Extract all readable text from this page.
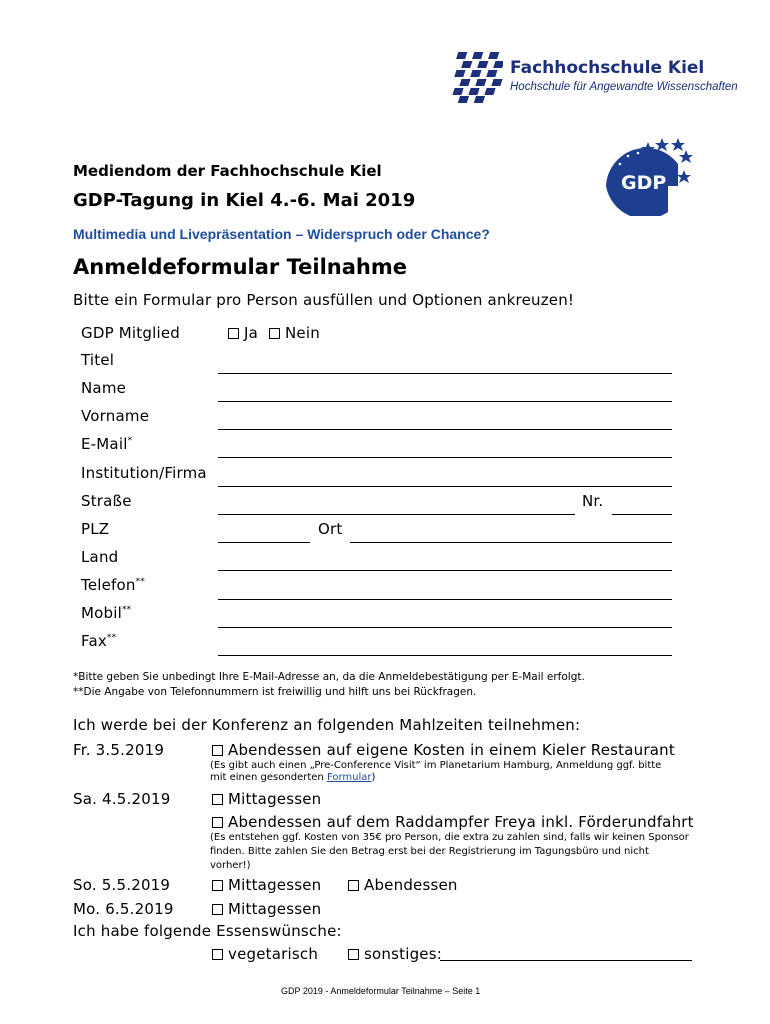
Fachhochschule Kiel
Hochschule für Angewandte Wissenschaften
GDP
Mediendom der Fachhochschule Kiel
GDP-Tagung in Kiel 4.-6. Mai 2019
Multimedia und Livepräsentation – Widerspruch oder Chance?
Anmeldeformular Teilnahme
Bitte ein Formular pro Person ausfüllen und Optionen ankreuzen!
GDP Mitglied	Ja Nein
Titel
Name
Vorname
E-Mail*
Institution/Firma
Straße	Nr.
PLZ	Ort
Land
Telefon**
Mobil**
Fax**
*Bitte geben Sie unbedingt Ihre E-Mail-Adresse an, da die Anmeldebestätigung per E-Mail erfolgt.
**Die Angabe von Telefonnummern ist freiwillig und hilft uns bei Rückfragen.
Ich werde bei der Konferenz an folgenden Mahlzeiten teilnehmen:
Fr. 3.5.2019	Abendessen auf eigene Kosten in einem Kieler Restaurant
(Es gibt auch einen „Pre-Conference Visit“ im Planetarium Hamburg, Anmeldung ggf. bitte
mit einen gesonderten Formular)
Sa. 4.5.2019	Mittagessen
Abendessen auf dem Raddampfer Freya inkl. Förderundfahrt
(Es entstehen ggf. Kosten von 35€ pro Person, die extra zu zahlen sind, falls wir keinen Sponsor finden. Bitte zahlen Sie den Betrag erst bei der Registrierung im Tagungsbüro und nicht vorher!)
So. 5.5.2019	Mittagessen	Abendessen
Mo. 6.5.2019	Mittagessen
Ich habe folgende Essenswünsche:
vegetarisch	sonstiges:
GDP 2019 - Anmeldeformular Teilnahme – Seite 1
